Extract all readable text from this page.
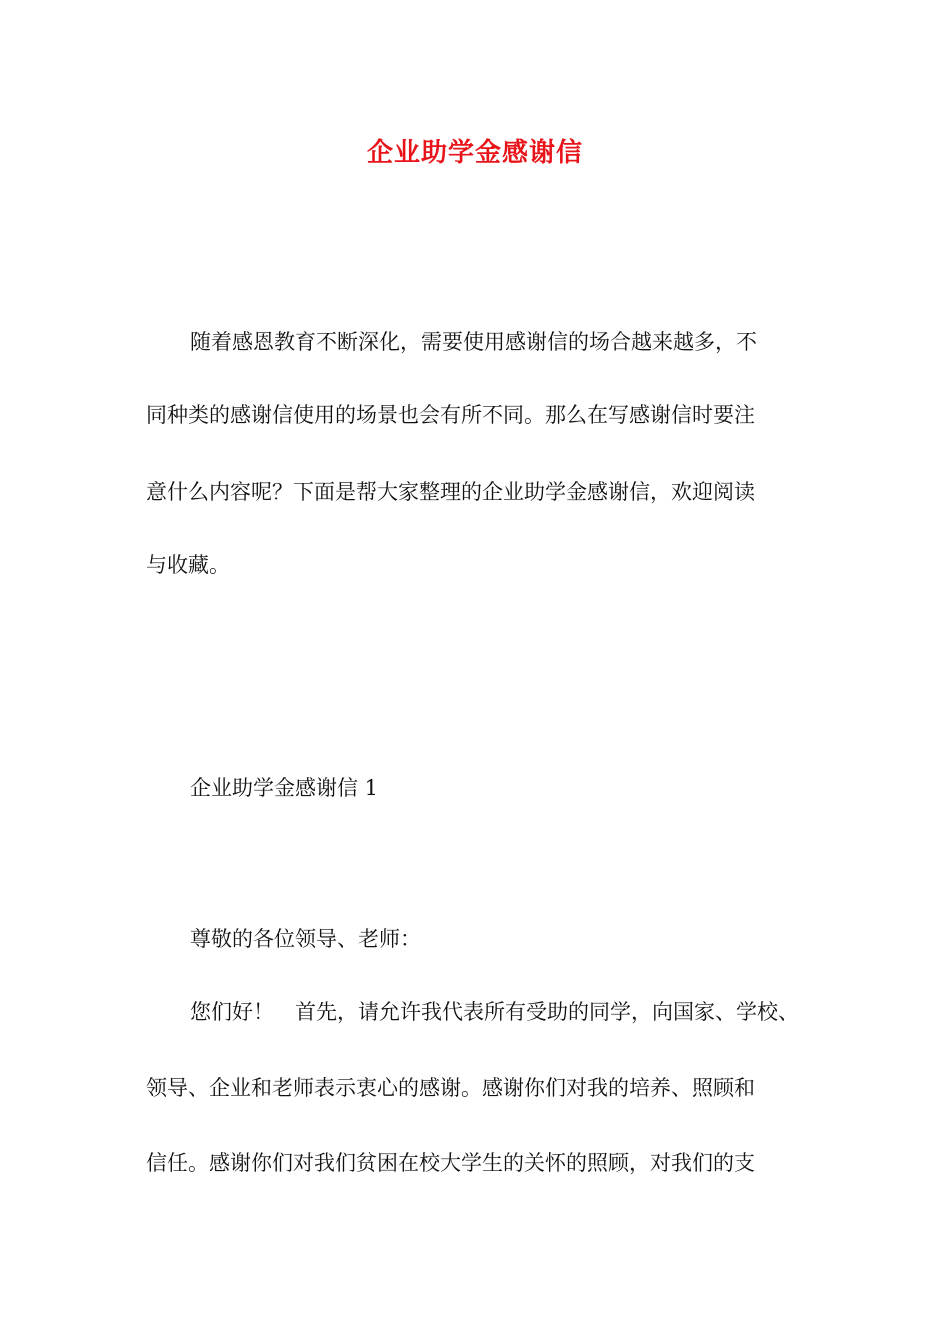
企业助学金感谢信
随着感恩教育不断深化，需要使用感谢信的场合越来越多，不
同种类的感谢信使用的场景也会有所不同。那么在写感谢信时要注
意什么内容呢？下面是帮大家整理的企业助学金感谢信，欢迎阅读
与收藏。
企业助学金感谢信 1
尊敬的各位领导、老师：
您们好！　首先，请允许我代表所有受助的同学，向国家、学校、
领导、企业和老师表示衷心的感谢。感谢你们对我的培养、照顾和
信任。感谢你们对我们贫困在校大学生的关怀的照顾，对我们的支
